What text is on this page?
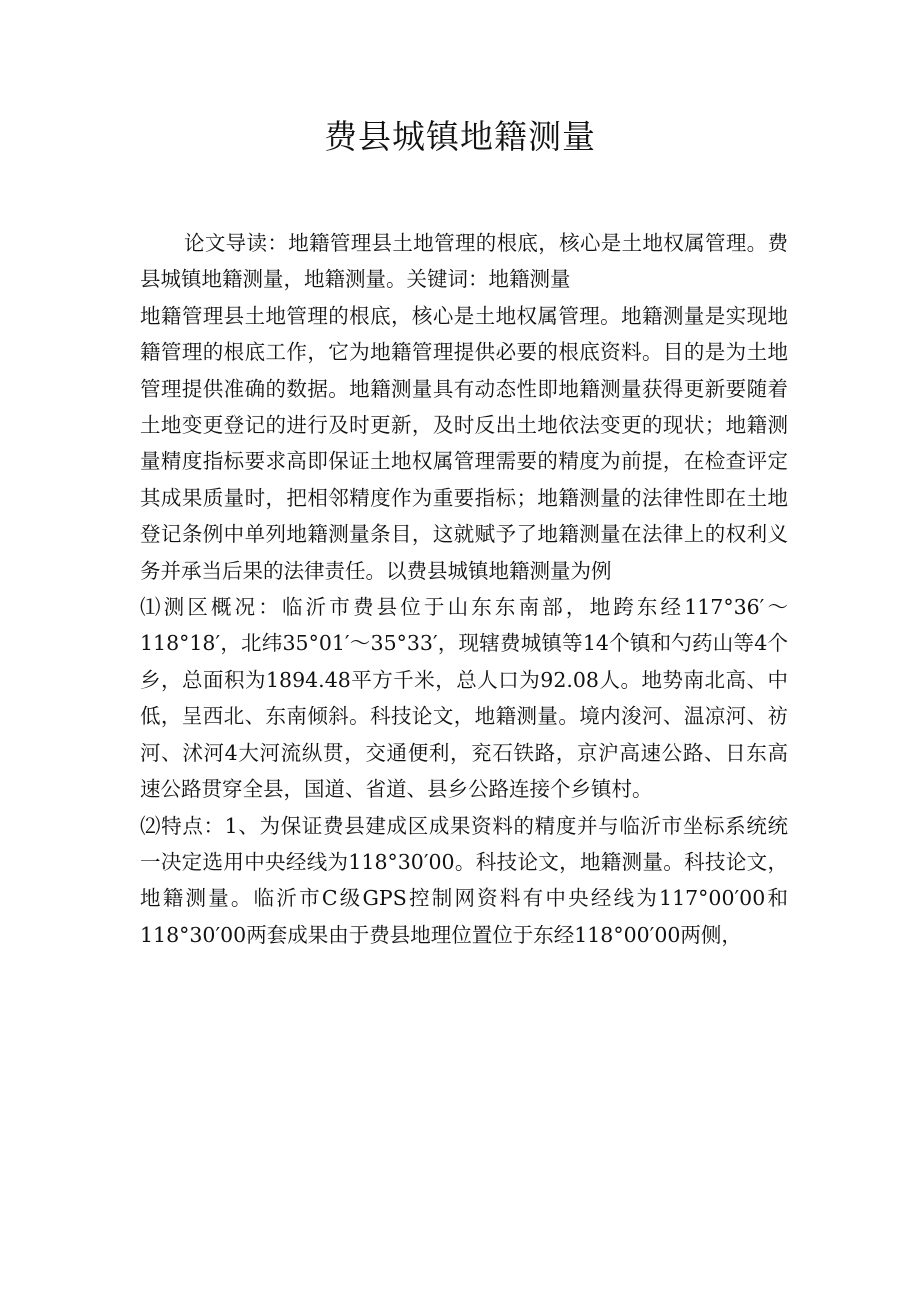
费县城镇地籍测量

论文导读：地籍管理县土地管理的根底，核心是土地权属管理。费县城镇地籍测量，地籍测量。关键词：地籍测量

地籍管理县土地管理的根底，核心是土地权属管理。地籍测量是实现地籍管理的根底工作，它为地籍管理提供必要的根底资料。目的是为土地管理提供准确的数据。地籍测量具有动态性即地籍测量获得更新要随着土地变更登记的进行及时更新，及时反出土地依法变更的现状；地籍测量精度指标要求高即保证土地权属管理需要的精度为前提，在检查评定其成果质量时，把相邻精度作为重要指标；地籍测量的法律性即在土地登记条例中单列地籍测量条目，这就赋予了地籍测量在法律上的权利义务并承当后果的法律责任。以费县城镇地籍测量为例

⑴测区概况：临沂市费县位于山东东南部，地跨东经117°36′～118°18′，北纬35°01′～35°33′，现辖费城镇等14个镇和勺药山等4个乡，总面积为1894.48平方千米，总人口为92.08人。地势南北高、中低，呈西北、东南倾斜。科技论文，地籍测量。境内浚河、温凉河、祊河、沭河4大河流纵贯，交通便利，兖石铁路，京沪高速公路、日东高速公路贯穿全县，国道、省道、县乡公路连接个乡镇村。

⑵特点：1、为保证费县建成区成果资料的精度并与临沂市坐标系统统一决定选用中央经线为118°30′00。科技论文，地籍测量。科技论文，地籍测量。临沂市C级GPS控制网资料有中央经线为117°00′00和118°30′00两套成果由于费县地理位置位于东经118°00′00两侧，
